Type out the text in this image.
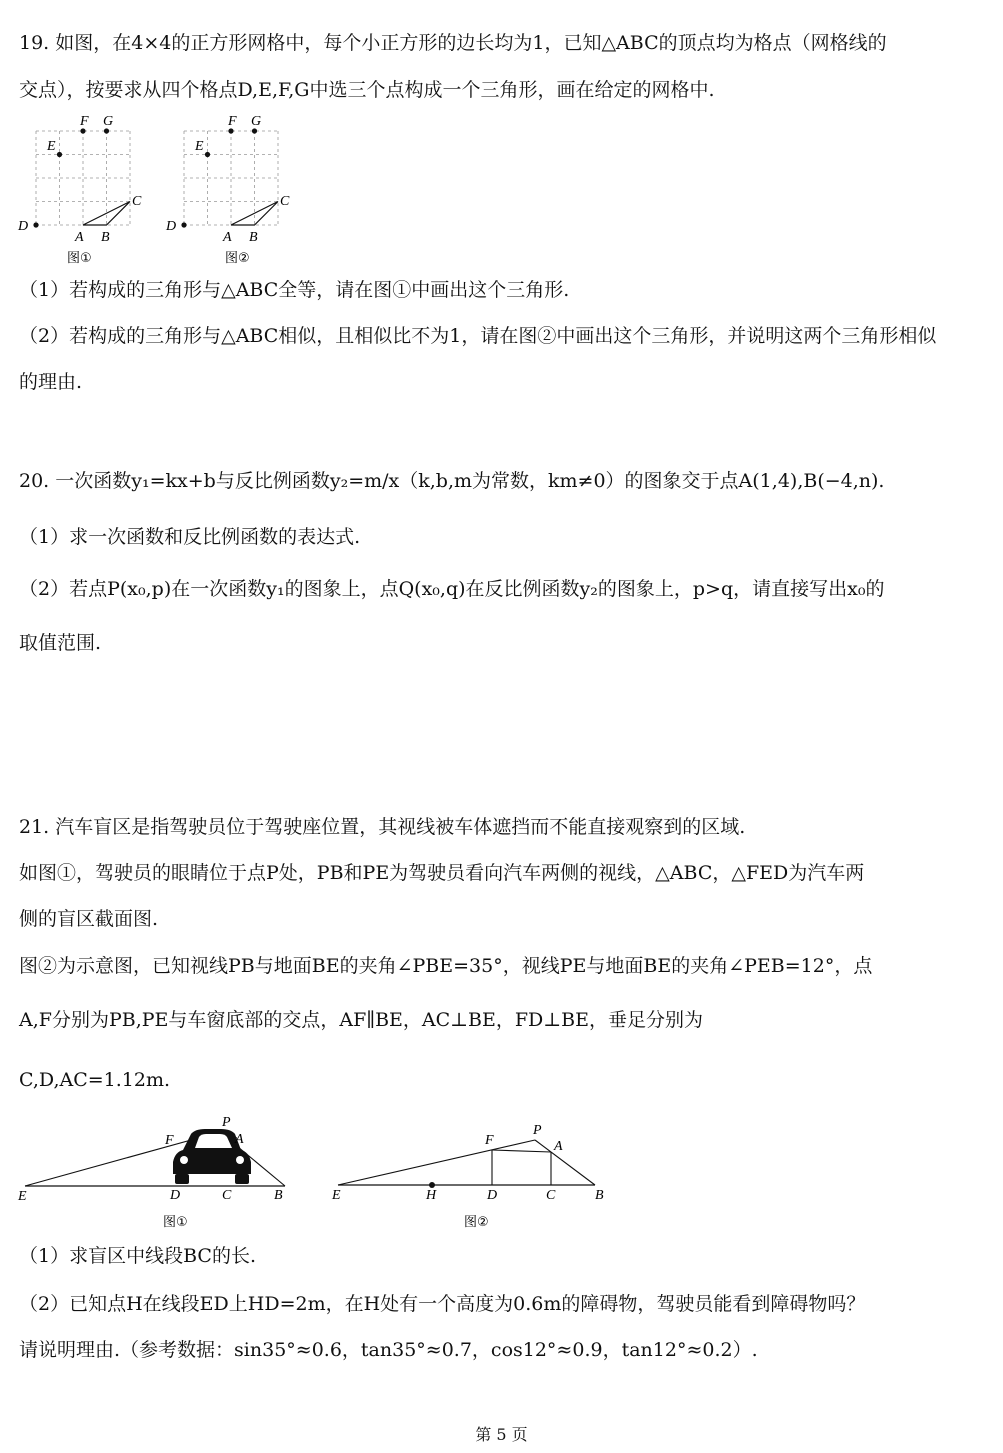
19. 如图，在4×4的正方形网格中，每个小正方形的边长均为1，已知△ABC的顶点均为格点（网格线的
交点），按要求从四个格点D,E,F,G中选三个点构成一个三角形，画在给定的网格中.
F G
E
C
D
A B
图①
F G
E
C
D
A B
图②
（1）若构成的三角形与△ABC全等，请在图①中画出这个三角形.
（2）若构成的三角形与△ABC相似，且相似比不为1，请在图②中画出这个三角形，并说明这两个三角形相似
的理由.
20. 一次函数y₁=kx+b与反比例函数y₂=m/x（k,b,m为常数，km≠0）的图象交于点A(1,4),B(−4,n).
（1）求一次函数和反比例函数的表达式.
（2）若点P(x₀,p)在一次函数y₁的图象上，点Q(x₀,q)在反比例函数y₂的图象上，p>q，请直接写出x₀的
取值范围.
21. 汽车盲区是指驾驶员位于驾驶座位置，其视线被车体遮挡而不能直接观察到的区域.
如图①，驾驶员的眼睛位于点P处，PB和PE为驾驶员看向汽车两侧的视线，△ABC，△FED为汽车两
侧的盲区截面图.
图②为示意图，已知视线PB与地面BE的夹角∠PBE=35°，视线PE与地面BE的夹角∠PEB=12°，点
A,F分别为PB,PE与车窗底部的交点，AF∥BE，AC⊥BE，FD⊥BE，垂足分别为
C,D,AC=1.12m.
P
F	A
E	D	C	B
图①
P
F	A
E	H	D	C	B
图②
（1）求盲区中线段BC的长.
（2）已知点H在线段ED上HD=2m，在H处有一个高度为0.6m的障碍物，驾驶员能看到障碍物吗？
请说明理由.（参考数据：sin35°≈0.6，tan35°≈0.7，cos12°≈0.9，tan12°≈0.2）.
第 5 页
